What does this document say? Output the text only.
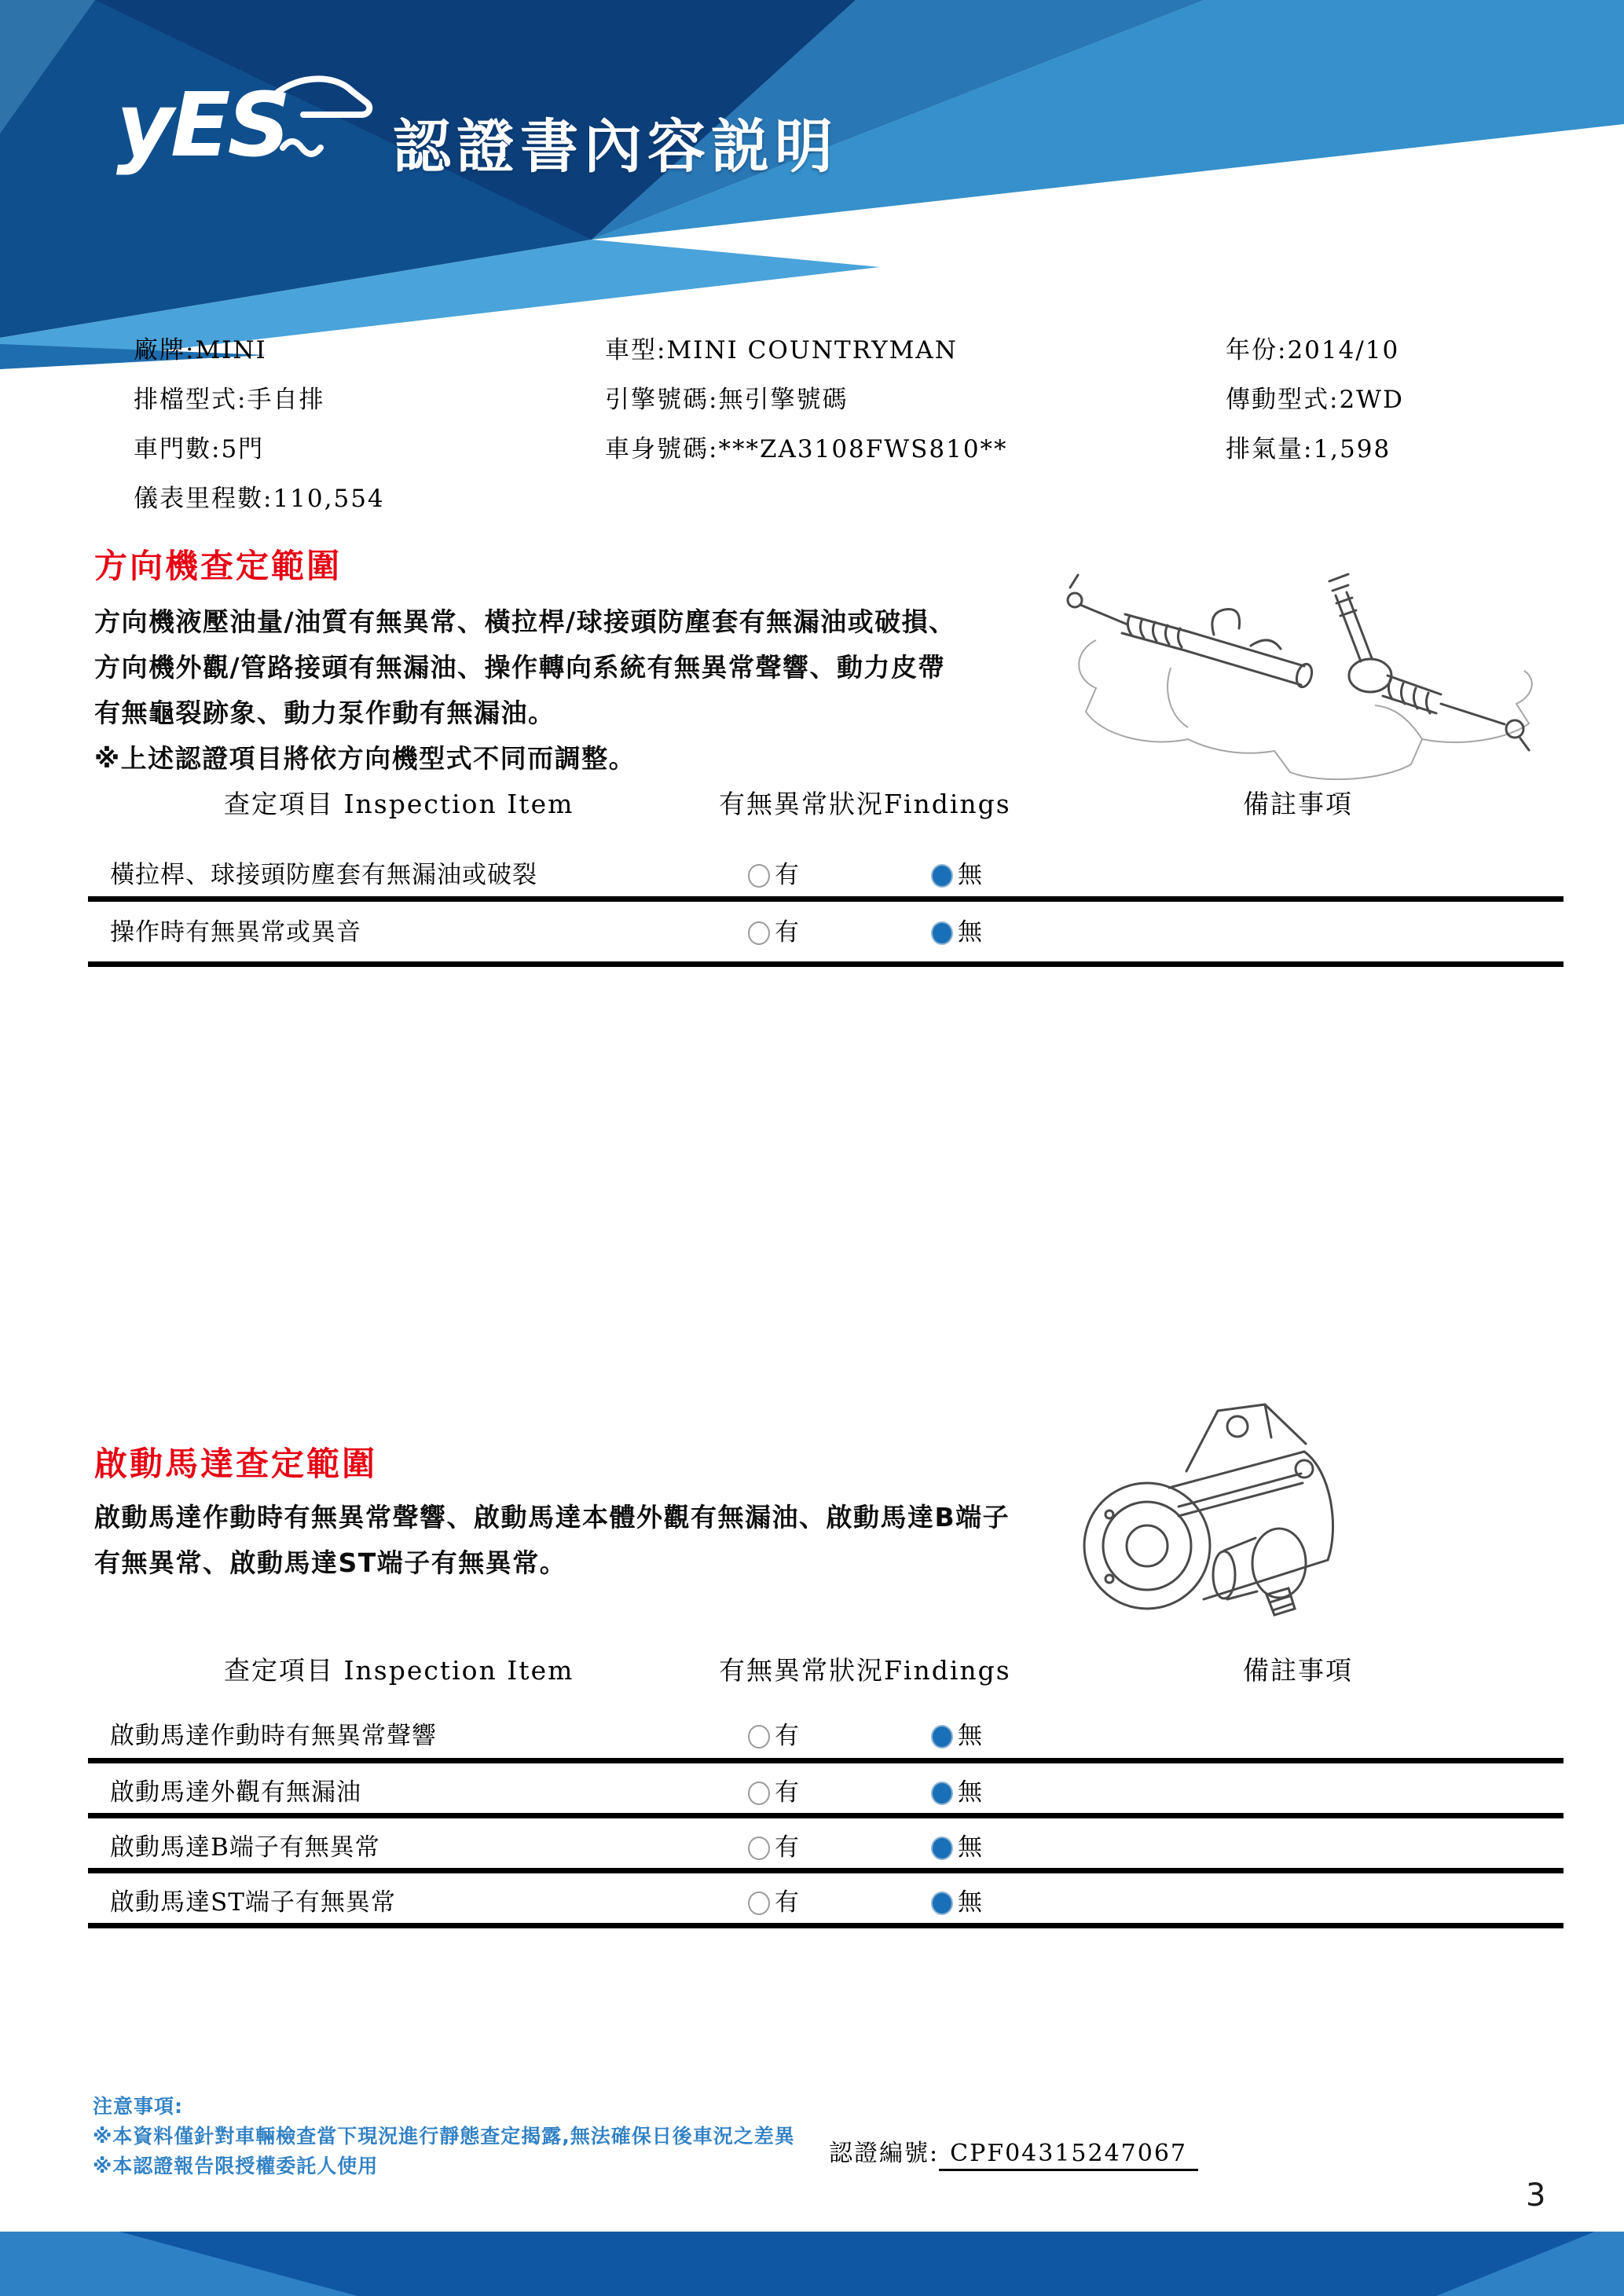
yES 認證書內容説明
廠牌:MINI
排檔型式:手自排
車門數:5門
儀表里程數:110,554
車型:MINI COUNTRYMAN
引擎號碼:無引擎號碼
車身號碼:***ZA3108FWS810**
年份:2014/10
傳動型式:2WD
排氣量:1,598
方向機查定範圍
方向機液壓油量/油質有無異常、橫拉桿/球接頭防塵套有無漏油或破損、
方向機外觀/管路接頭有無漏油、操作轉向系統有無異常聲響、動力皮帶
有無龜裂跡象、動力泵作動有無漏油。
※上述認證項目將依方向機型式不同而調整。
查定項目 Inspection Item	有無異常狀況Findings	備註事項
橫拉桿、球接頭防塵套有無漏油或破裂	有	無
操作時有無異常或異音	有	無
啟動馬達查定範圍
啟動馬達作動時有無異常聲響、啟動馬達本體外觀有無漏油、啟動馬達B端子
有無異常、啟動馬達ST端子有無異常。
查定項目 Inspection Item	有無異常狀況Findings	備註事項
啟動馬達作動時有無異常聲響	有	無
啟動馬達外觀有無漏油	有	無
啟動馬達B端子有無異常	有	無
啟動馬達ST端子有無異常	有	無
注意事項:
※本資料僅針對車輛檢查當下現況進行靜態查定揭露,無法確保日後車況之差異
※本認證報告限授權委託人使用	認證編號: CPF04315247067
3
